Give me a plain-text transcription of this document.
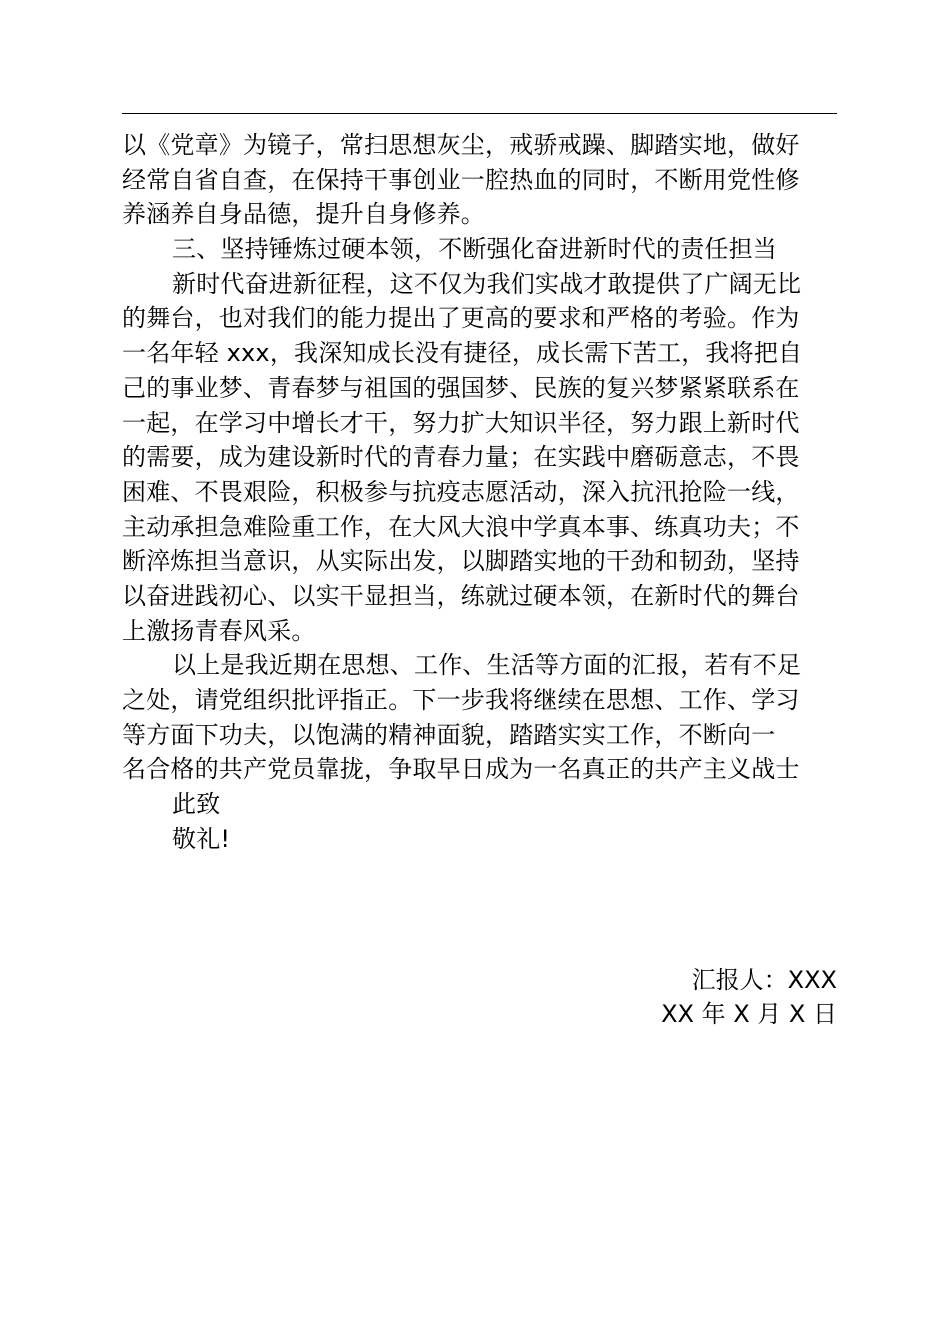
以《党章》为镜子，常扫思想灰尘，戒骄戒躁、脚踏实地，做好
经常自省自查，在保持干事创业一腔热血的同时，不断用党性修
养涵养自身品德，提升自身修养。
三、坚持锤炼过硬本领，不断强化奋进新时代的责任担当
新时代奋进新征程，这不仅为我们实战才敢提供了广阔无比
的舞台，也对我们的能力提出了更高的要求和严格的考验。作为
一名年轻 xxx，我深知成长没有捷径，成长需下苦工，我将把自
己的事业梦、青春梦与祖国的强国梦、民族的复兴梦紧紧联系在
一起，在学习中增长才干，努力扩大知识半径，努力跟上新时代
的需要，成为建设新时代的青春力量；在实践中磨砺意志，不畏
困难、不畏艰险，积极参与抗疫志愿活动，深入抗汛抢险一线，
主动承担急难险重工作，在大风大浪中学真本事、练真功夫；不
断淬炼担当意识，从实际出发，以脚踏实地的干劲和韧劲，坚持
以奋进践初心、以实干显担当，练就过硬本领，在新时代的舞台
上激扬青春风采。
以上是我近期在思想、工作、生活等方面的汇报，若有不足
之处，请党组织批评指正。下一步我将继续在思想、工作、学习
等方面下功夫，以饱满的精神面貌，踏踏实实工作，不断向一
名合格的共产党员靠拢，争取早日成为一名真正的共产主义战士
此致
敬礼!
汇报人：XXX
XX 年 X 月 X 日
